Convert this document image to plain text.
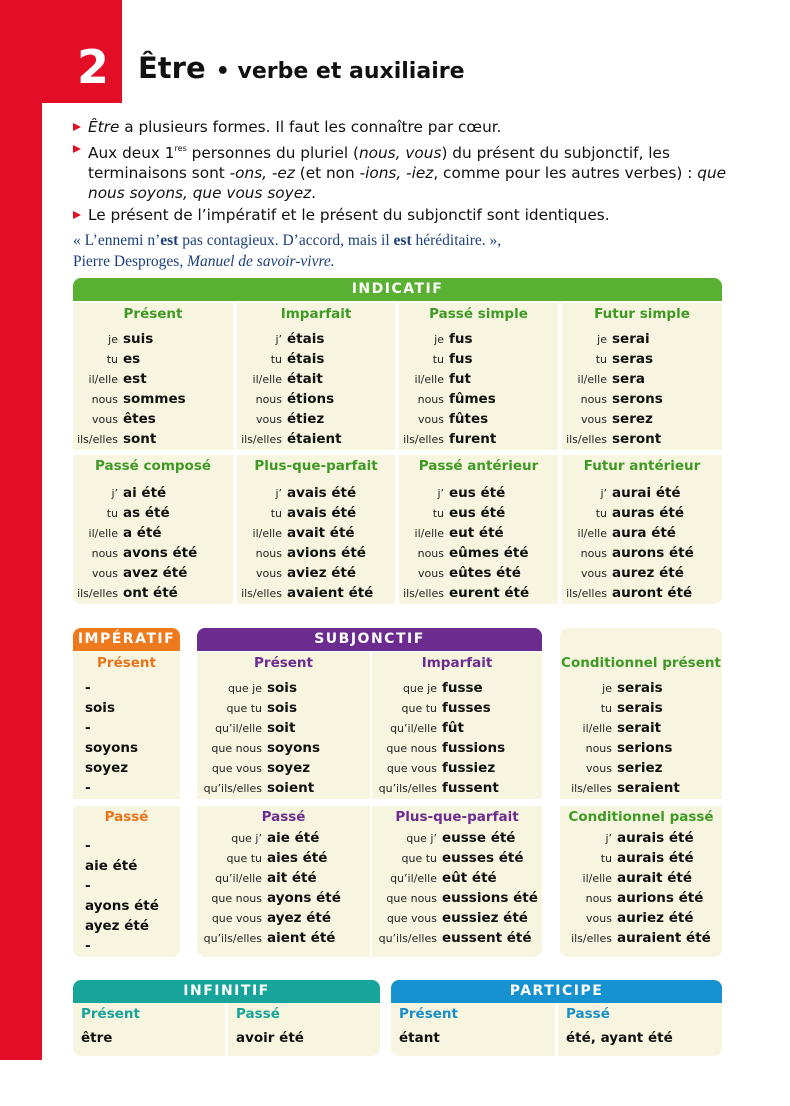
2	Être • verbe et auxiliaire

Être a plusieurs formes. Il faut les connaître par cœur.

Aux deux 1res personnes du pluriel (nous, vous) du présent du subjonctif, les terminaisons sont -ons, -ez (et non -ions, -iez, comme pour les autres verbes) : que nous soyons, que vous soyez.

Le présent de l’impératif et le présent du subjonctif sont identiques.

« L’ennemi n’est pas contagieux. D’accord, mais il est héréditaire. »,
Pierre Desproges, Manuel de savoir-vivre.
INDICATIF
Présent
je suis
tu es
il/elle est
nous sommes
vous êtes
ils/elles sont
Passé composé
j’ ai été
tu as été
il/elle a été
nous avons été
vous avez été
ils/elles ont été
Imparfait
j’ étais
tu étais
il/elle était
nous étions
vous étiez
ils/elles étaient
Plus-que-parfait
j’ avais été
tu avais été
il/elle avait été
nous avions été
vous aviez été
ils/elles avaient été
Passé simple
je fus
tu fus
il/elle fut
nous fûmes
vous fûtes
ils/elles furent
Passé antérieur
j’ eus été
tu eus été
il/elle eut été
nous eûmes été
vous eûtes été
ils/elles eurent été
Futur simple
je serai
tu seras
il/elle sera
nous serons
vous serez
ils/elles seront
Futur antérieur
j’ aurai été
tu auras été
il/elle aura été
nous aurons été
vous aurez été
ils/elles auront été
IMPÉRATIF	SUBJONCTIF
Présent
-
sois
-
soyons
soyez
-
Passé
-
aie été
-
ayons été
ayez été
-
Présent
que je sois
que tu sois
qu’il/elle soit
que nous soyons
que vous soyez
qu’ils/elles soient
Imparfait
que je fusse
que tu fusses
qu’il/elle fût
que nous fussions
que vous fussiez
qu’ils/elles fussent
Passé
que j’ aie été
que tu aies été
qu’il/elle ait été
que nous ayons été
que vous ayez été
qu’ils/elles aient été
Plus-que-parfait
que j’ eusse été
que tu eusses été
qu’il/elle eût été
que nous eussions été
que vous eussiez été
qu’ils/elles eussent été
Conditionnel présent
je serais
tu serais
il/elle serait
nous serions
vous seriez
ils/elles seraient
Conditionnel passé
j’ aurais été
tu aurais été
il/elle aurait été
nous aurions été
vous auriez été
ils/elles auraient été
INFINITIF	PARTICIPE
Présent
être
Passé
avoir été
Présent
étant
Passé
été, ayant été
